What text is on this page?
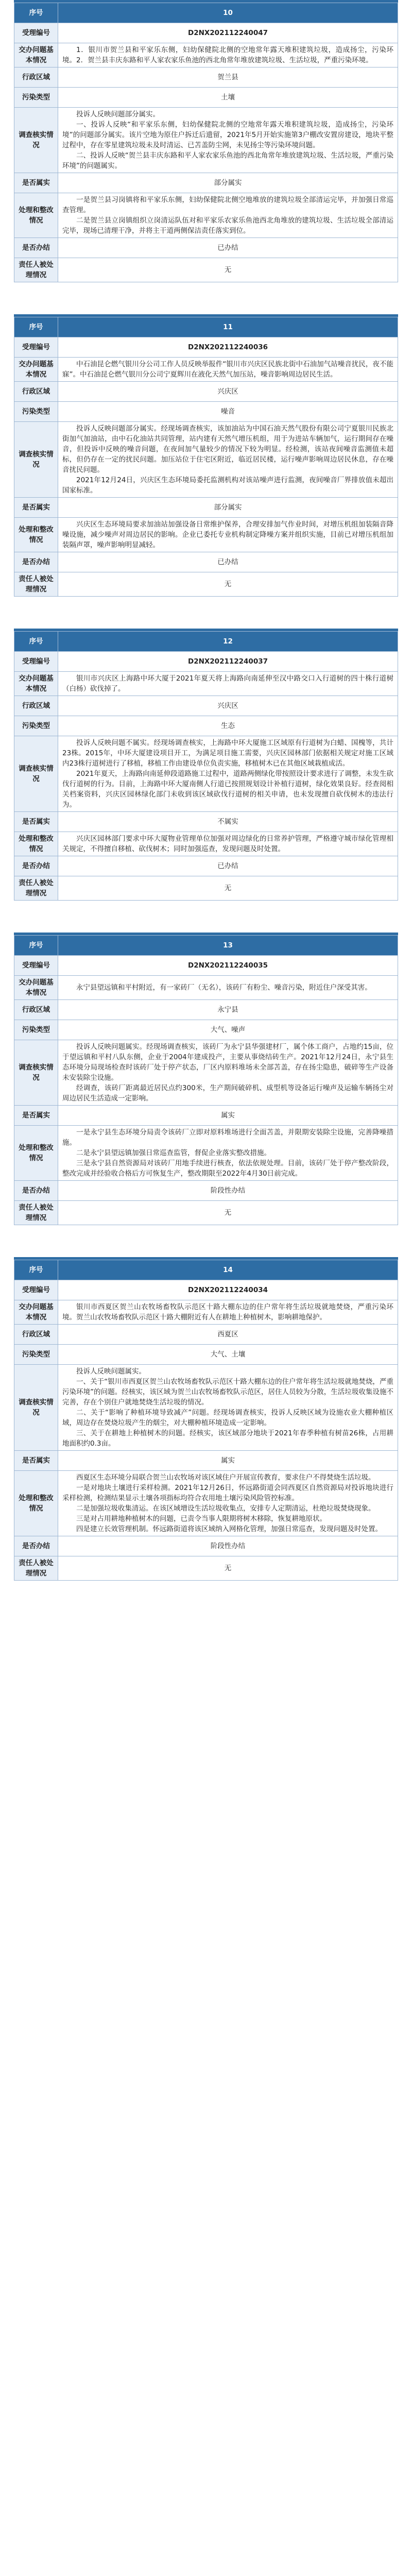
序号	10
受理编号	D2NX202112240047
交办问题基本情况	1．银川市贺兰县和平家乐东侧，妇幼保健院北侧的空地常年露天堆积建筑垃圾，造成扬尘，污染环境。2．贺兰县丰庆东路和平人家农家乐鱼池的西北角常年堆放建筑垃圾、生活垃圾，严重污染环境。

行政区域	贺兰县
污染类型	土壤
调查核实情况	投诉人反映问题部分属实。

一、投诉人反映“和平家乐东侧，妇幼保健院北侧的空地常年露天堆积建筑垃圾，造成扬尘，污染环境”的问题部分属实。该片空地为原住户拆迁后遗留，2021年5月开始实施第3户棚改安置房建设，地块平整过程中，存在零星建筑垃圾未及时清运、已苫盖防尘网，未见扬尘等污染环境问题。

二、投诉人反映“贺兰县丰庆东路和平人家农家乐鱼池的西北角常年堆放建筑垃圾、生活垃圾，严重污染环境”的问题属实。

是否属实	部分属实
处理和整改情况	一是贺兰县习岗镇将和平家乐东侧，妇幼保健院北侧空地堆放的建筑垃圾全部清运完毕，并加强日常巡查管理。

二是贺兰县立岗镇组织立岗清运队伍对和平家乐农家乐鱼池西北角堆放的建筑垃圾、生活垃圾全部清运完毕，现场已清理干净，并将主干道两侧保洁责任落实到位。

是否办结	已办结
责任人被处理情况	无
序号	11
受理编号	D2NX202112240036
交办问题基本情况	中石油昆仑燃气银川分公司工作人员反映举报件“银川市兴庆区民族北街中石油加气站噪音扰民，夜不能寐”。中石油昆仑燃气银川分公司宁夏辉川在液化天然气加压站，噪音影响周边居民生活。

行政区域	兴庆区
污染类型	噪音
调查核实情况	投诉人反映问题部分属实。经现场调查核实，该加油站为中国石油天然气股份有限公司宁夏银川民族北街加气加油站，由中石化油站共同管理，站内建有天然气增压机组，用于为进站车辆加气，运行期间存在噪音，但投诉中反映的噪音问题，在夜间加气量较少的情况下较为明显。经检测，该站夜间噪音监测值未超标，但仍存在一定的扰民问题。加压站位于住宅区附近，临近居民楼，运行噪声影响周边居民休息，存在噪音扰民问题。

2021年12月24日，兴庆区生态环境局委托监测机构对该站噪声进行监测，夜间噪音厂界排放值未超出国家标准。

是否属实	部分属实
处理和整改情况	兴庆区生态环境局要求加油站加强设备日常维护保养，合理安排加气作业时间，对增压机组加装隔音降噪设施，减少噪声对周边居民的影响。企业已委托专业机构制定降噪方案并组织实施，目前已对增压机组加装隔声罩，噪声影响明显减轻。

是否办结	已办结
责任人被处理情况	无
序号	12
受理编号	D2NX202112240037
交办问题基本情况	银川市兴庆区上海路中环大厦于2021年夏天将上海路向南延伸至汉中路交口入行道树的四十株行道树（白杨）砍伐掉了。

行政区域	兴庆区
污染类型	生态
调查核实情况	投诉人反映问题不属实。经现场调查核实，上海路中环大厦施工区域原有行道树为白蜡、国槐等，共计23株。2015年，中环大厦建设项目开工，为满足项目施工需要，兴庆区园林部门依据相关规定对施工区域内23株行道树进行了移植，移植工作由建设单位负责实施，移植树木已在其他区域栽植成活。

2021年夏天，上海路向南延伸段道路施工过程中，道路两侧绿化带按照设计要求进行了调整，未发生砍伐行道树的行为。目前，上海路中环大厦南侧人行道已按照规划设计补植行道树，绿化效果良好。经查阅相关档案资料，兴庆区园林绿化部门未收到该区域砍伐行道树的相关申请，也未发现擅自砍伐树木的违法行为。

是否属实	不属实
处理和整改情况	兴庆区园林部门要求中环大厦物业管理单位加强对周边绿化的日常养护管理，严格遵守城市绿化管理相关规定，不得擅自移植、砍伐树木；同时加强巡查，发现问题及时处置。

是否办结	已办结
责任人被处理情况	无
序号	13
受理编号	D2NX202112240035
交办问题基本情况	永宁县望远镇和平村附近，有一家砖厂（无名），该砖厂有粉尘、噪音污染，附近住户深受其害。

行政区域	永宁县
污染类型	大气、噪声
调查核实情况	投诉人反映问题属实。经现场调查核实，该砖厂为永宁县华强建材厂，属个体工商户，占地约15亩，位于望远镇和平村八队东侧，企业于2004年建成投产，主要从事烧结砖生产。2021年12月24日，永宁县生态环境分局现场检查时该砖厂处于停产状态，厂区内原料堆场未全部苫盖，存在扬尘隐患，破碎等生产设备未安装除尘设施。

经调查，该砖厂距离最近居民点约300米，生产期间破碎机、成型机等设备运行噪声及运输车辆扬尘对周边居民生活造成一定影响。

是否属实	属实
处理和整改情况	一是永宁县生态环境分局责令该砖厂立即对原料堆场进行全面苫盖，并限期安装除尘设施，完善降噪措施。

二是永宁县望远镇加强日常巡查监管，督促企业落实整改措施。

三是永宁县自然资源局对该砖厂用地手续进行核查，依法依规处理。目前，该砖厂处于停产整改阶段，整改完成并经验收合格后方可恢复生产，整改期限至2022年4月30日前完成。

是否办结	阶段性办结
责任人被处理情况	无
序号	14
受理编号	D2NX202112240034
交办问题基本情况	银川市西夏区贺兰山农牧场畜牧队示范区十路大棚东边的住户常年将生活垃圾就地焚烧，严重污染环境。贺兰山农牧场畜牧队示范区十路大棚附近有人在耕地上种植树木，影响耕地保护。

行政区域	西夏区
污染类型	大气、土壤
调查核实情况	投诉人反映问题属实。

一、关于“银川市西夏区贺兰山农牧场畜牧队示范区十路大棚东边的住户常年将生活垃圾就地焚烧，严重污染环境”的问题。经核实，该区域为贺兰山农牧场畜牧队示范区，居住人员较为分散，生活垃圾收集设施不完善，存在个别住户就地焚烧生活垃圾的情况。

二、关于“影响了种植环境导致减产”问题。经现场调查核实，投诉人反映区域为设施农业大棚种植区域，周边存在焚烧垃圾产生的烟尘，对大棚种植环境造成一定影响。

三、关于在耕地上种植树木的问题。经核实，该区域部分地块于2021年春季种植有树苗26株，占用耕地面积约0.3亩。

是否属实	属实
处理和整改情况	西夏区生态环境分局联合贺兰山农牧场对该区域住户开展宣传教育，要求住户不得焚烧生活垃圾。

一是对地块土壤进行采样检测。2021年12月26日，怀远路街道会同西夏区自然资源局对投诉地块进行采样检测，检测结果显示土壤各项指标均符合农用地土壤污染风险管控标准。

二是加强垃圾收集清运。在该区域增设生活垃圾收集点，安排专人定期清运，杜绝垃圾焚烧现象。

三是对占用耕地种植树木的问题，已责令当事人限期将树木移除，恢复耕地原状。

四是建立长效管理机制。怀远路街道将该区域纳入网格化管理，加强日常巡查，发现问题及时处置。

是否办结	阶段性办结
责任人被处理情况	无
